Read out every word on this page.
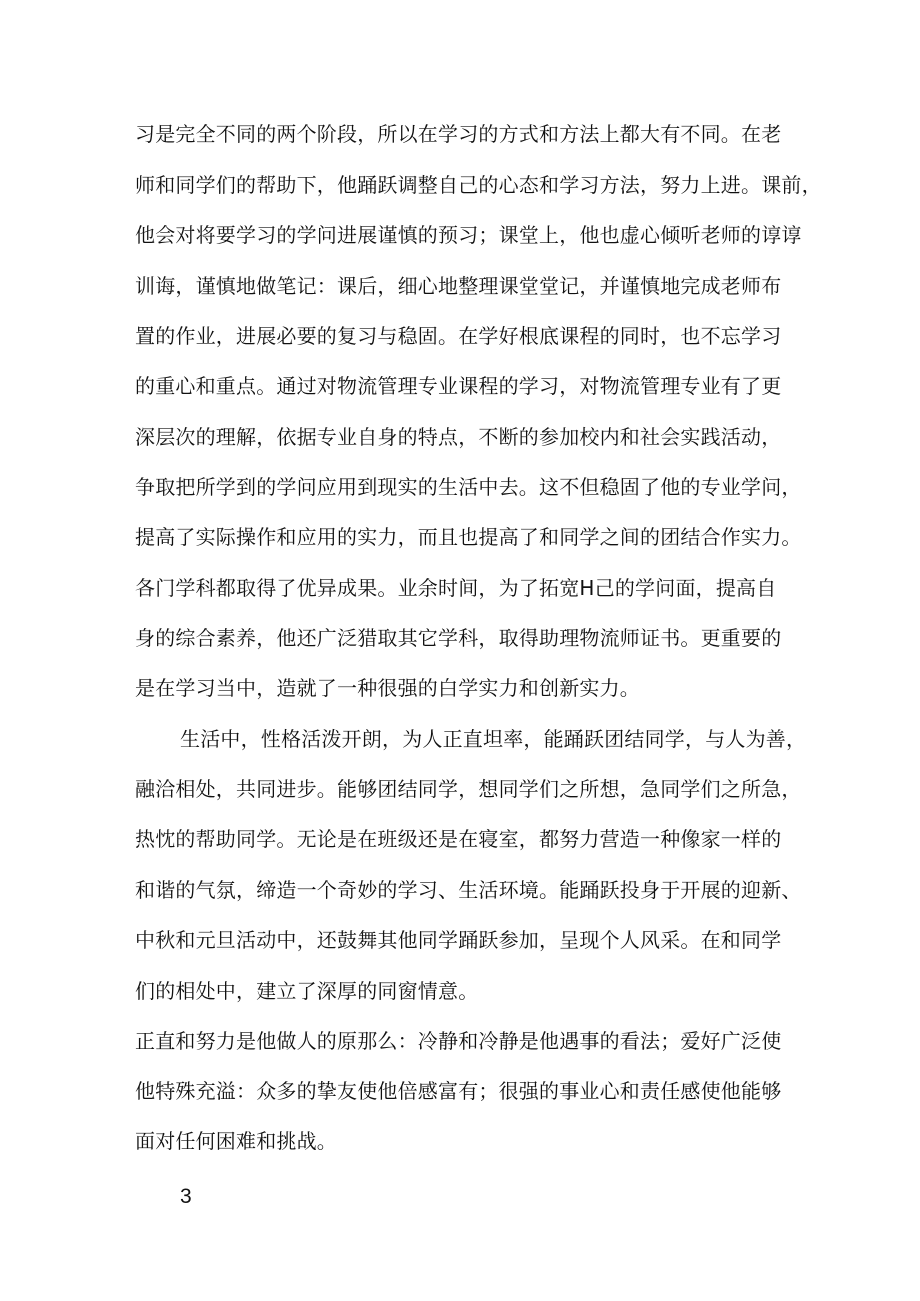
习是完全不同的两个阶段，所以在学习的方式和方法上都大有不同。在老
师和同学们的帮助下，他踊跃调整自己的心态和学习方法，努力上进。课前，
他会对将要学习的学问进展谨慎的预习；课堂上，他也虚心倾听老师的谆谆
训诲，谨慎地做笔记：课后，细心地整理课堂堂记，并谨慎地完成老师布
置的作业，进展必要的复习与稳固。在学好根底课程的同时，也不忘学习
的重心和重点。通过对物流管理专业课程的学习，对物流管理专业有了更
深层次的理解，依据专业自身的特点，不断的参加校内和社会实践活动，
争取把所学到的学问应用到现实的生活中去。这不但稳固了他的专业学问，
提高了实际操作和应用的实力，而且也提高了和同学之间的团结合作实力。
各门学科都取得了优异成果。业余时间，为了拓宽H己的学问面，提高自
身的综合素养，他还广泛猎取其它学科，取得助理物流师证书。更重要的
是在学习当中，造就了一种很强的白学实力和创新实力。
生活中，性格活泼开朗，为人正直坦率，能踊跃团结同学，与人为善，
融洽相处，共同进步。能够团结同学，想同学们之所想，急同学们之所急，
热忱的帮助同学。无论是在班级还是在寝室，都努力营造一种像家一样的
和谐的气氛，缔造一个奇妙的学习、生活环境。能踊跃投身于开展的迎新、
中秋和元旦活动中，还鼓舞其他同学踊跃参加，呈现个人风采。在和同学
们的相处中，建立了深厚的同窗情意。
正直和努力是他做人的原那么：冷静和冷静是他遇事的看法；爱好广泛使
他特殊充溢：众多的挚友使他倍感富有；很强的事业心和责任感使他能够
面对任何困难和挑战。
3
